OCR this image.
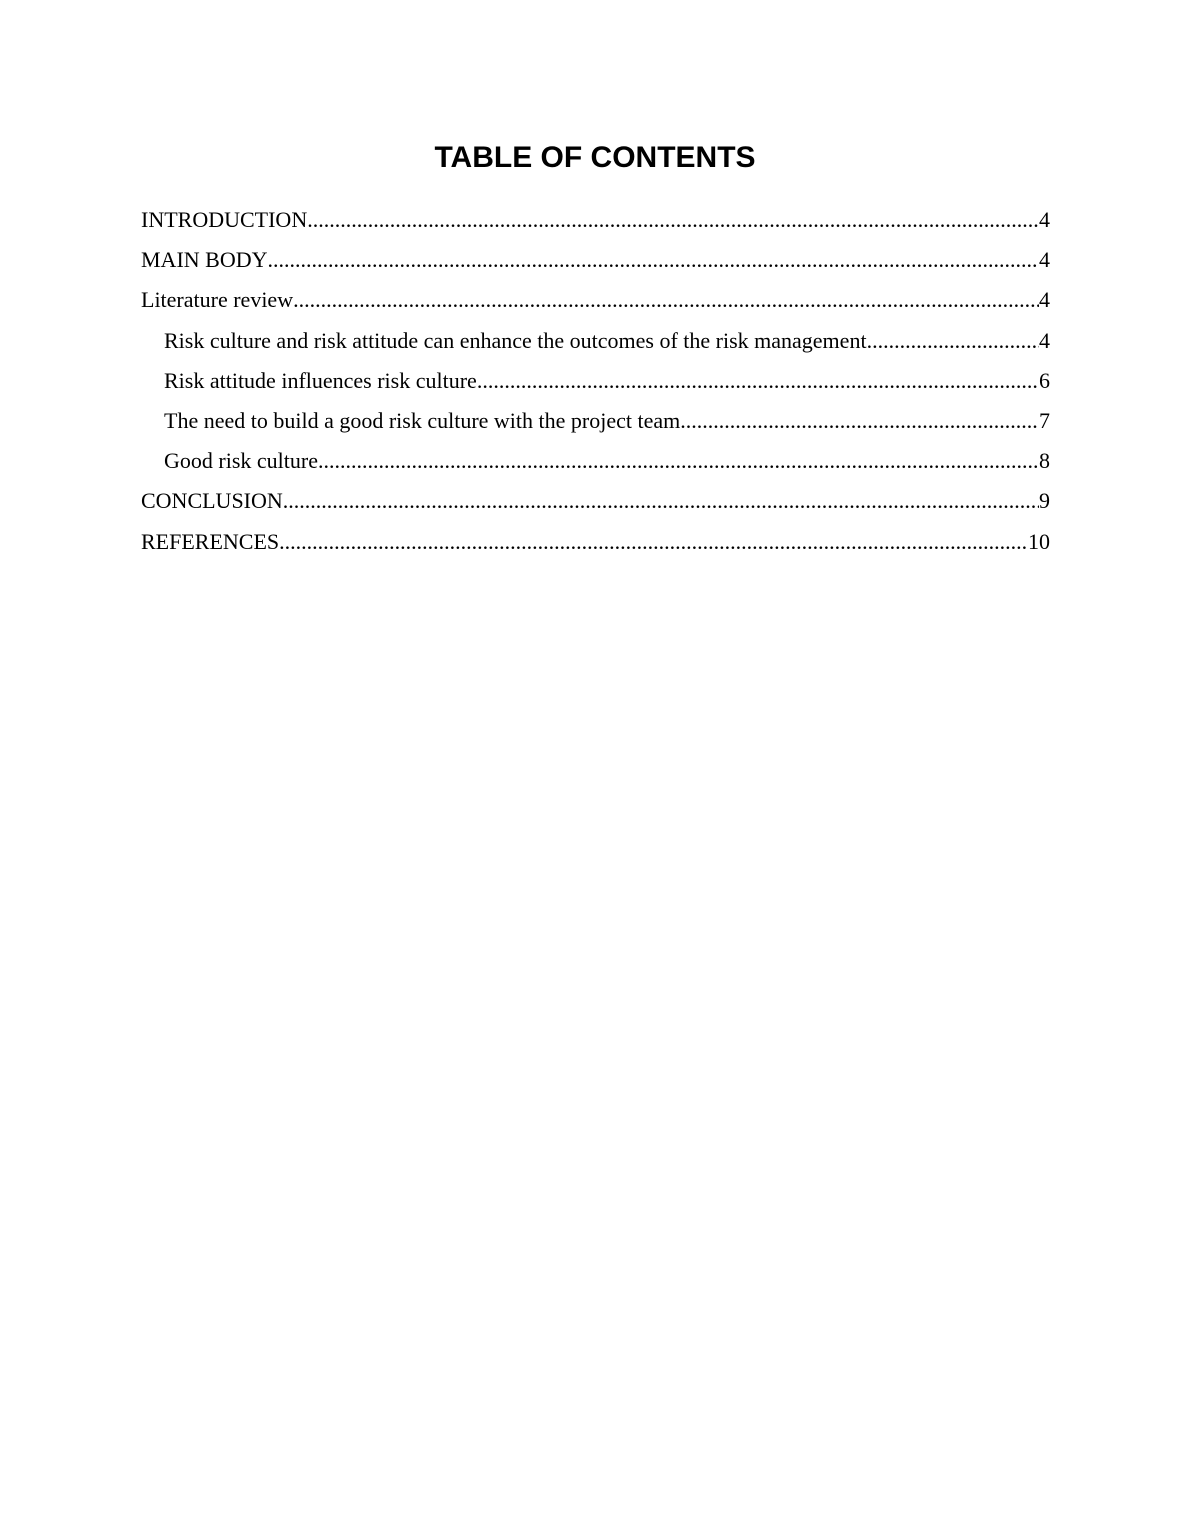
TABLE OF CONTENTS
INTRODUCTION .....	4
MAIN BODY .....	4
Literature review .....	4
Risk culture and risk attitude can enhance the outcomes of the risk management .....	4
Risk attitude influences risk culture .....	6
The need to build a good risk culture with the project team .....	7
Good risk culture .....	8
CONCLUSION .....	9
REFERENCES .....	10
